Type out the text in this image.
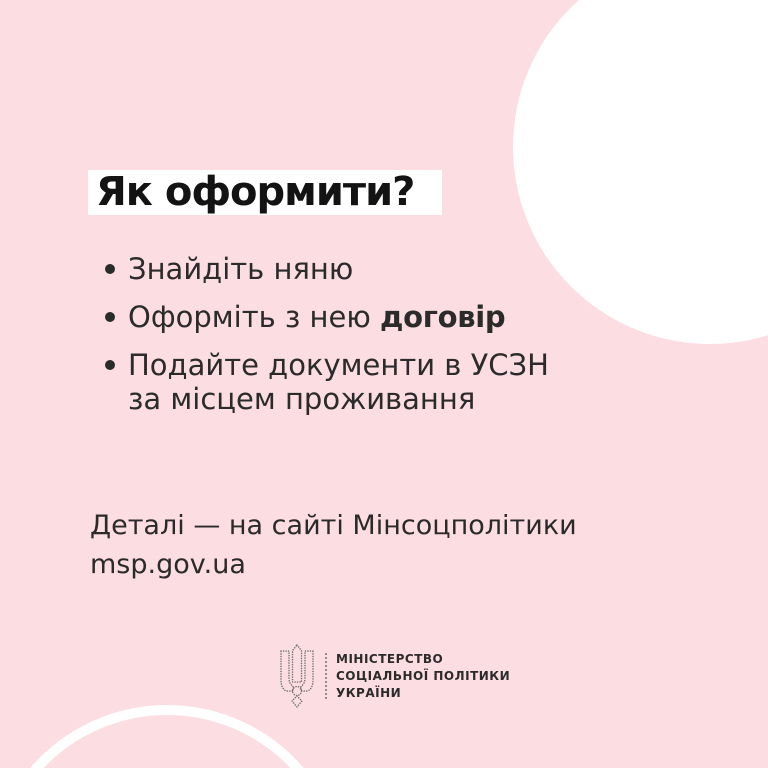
Як оформити?
Знайдіть няню
Оформіть з нею договір
Подайте документи в УСЗН
за місцем проживання
Деталі — на сайті Мінсоцполітики
msp.gov.ua
МІНІСТЕРСТВО
СОЦІАЛЬНОЇ ПОЛІТИКИ
УКРАЇНИ
